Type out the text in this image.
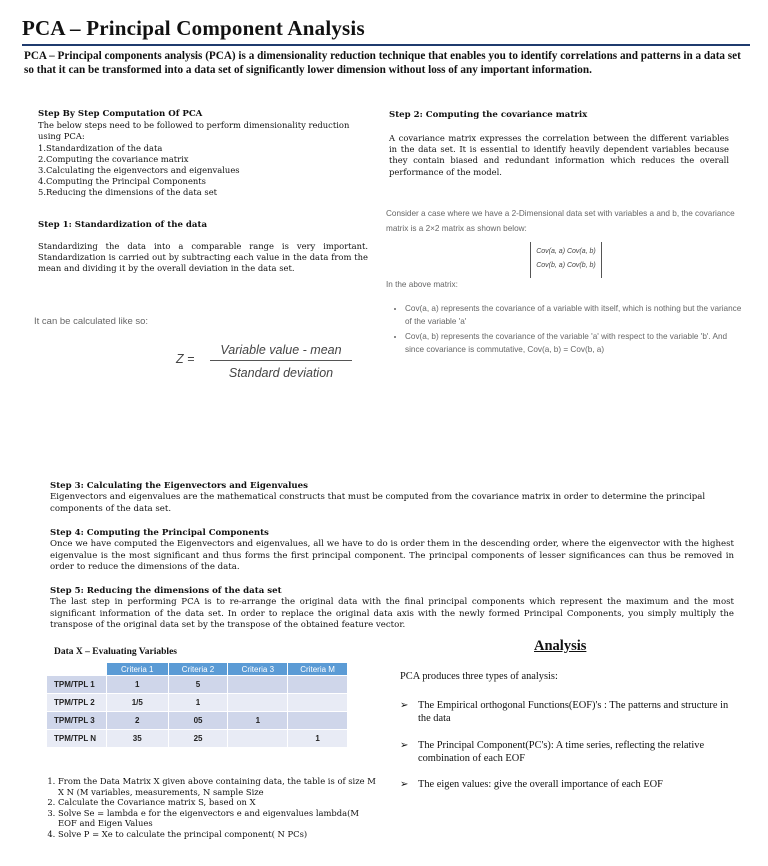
PCA – Principal Component Analysis
PCA – Principal components analysis (PCA) is a dimensionality reduction technique that enables you to identify correlations and patterns in a data set so that it can be transformed into a data set of significantly lower dimension without loss of any important information.
Step By Step Computation Of PCA
The below steps need to be followed to perform dimensionality reduction using PCA:
1.Standardization of the data
2.Computing the covariance matrix
3.Calculating the eigenvectors and eigenvalues
4.Computing the Principal Components
5.Reducing the dimensions of the data set
Step 1: Standardization of the data
Standardizing the data into a comparable range is very important. Standardization is carried out by subtracting each value in the data from the mean and dividing it by the overall deviation in the data set.
It can be calculated like so:
Z =
Variable value - mean
Standard deviation
Step 2: Computing the covariance matrix
A covariance matrix expresses the correlation between the different variables in the data set. It is essential to identify heavily dependent variables because they contain biased and redundant information which reduces the overall performance of the model.
Consider a case where we have a 2-Dimensional data set with variables a and b, the covariance matrix is a 2×2 matrix as shown below:
Cov(a, a) Cov(a, b)
Cov(b, a) Cov(b, b)
In the above matrix:
• Cov(a, a) represents the covariance of a variable with itself, which is nothing but the variance of the variable 'a'
• Cov(a, b) represents the covariance of the variable 'a' with respect to the variable 'b'. And since covariance is commutative, Cov(a, b) = Cov(b, a)
Step 3: Calculating the Eigenvectors and Eigenvalues
Eigenvectors and eigenvalues are the mathematical constructs that must be computed from the covariance matrix in order to determine the principal components of the data set.
Step 4: Computing the Principal Components
Once we have computed the Eigenvectors and eigenvalues, all we have to do is order them in the descending order, where the eigenvector with the highest eigenvalue is the most significant and thus forms the first principal component. The principal components of lesser significances can thus be removed in order to reduce the dimensions of the data.
Step 5: Reducing the dimensions of the data set
The last step in performing PCA is to re-arrange the original data with the final principal components which represent the maximum and the most significant information of the data set. In order to replace the original data axis with the newly formed Principal Components, you simply multiply the transpose of the original data set by the transpose of the obtained feature vector.
Data X – Evaluating Variables
	Criteria 1	Criteria 2	Criteria 3	Criteria M
TPM/TPL 1	1	5		
TPM/TPL 2	1/5	1		
TPM/TPL 3	2	05	1	
TPM/TPL N	35	25		1
1. From the Data Matrix X given above containing data, the table is of size M X N (M variables, measurements, N sample Size
2. Calculate the Covariance matrix S, based on X
3. Solve Se = lambda e for the eigenvectors e and eigenvalues lambda(M EOF and Eigen Values
4. Solve P = Xe to calculate the principal component( N PCs)
Analysis
PCA produces three types of analysis:
➢ The Empirical orthogonal Functions(EOF)'s : The patterns and structure in the data
➢ The Principal Component(PC's): A time series, reflecting the relative combination of each EOF
➢ The eigen values: give the overall importance of each EOF
